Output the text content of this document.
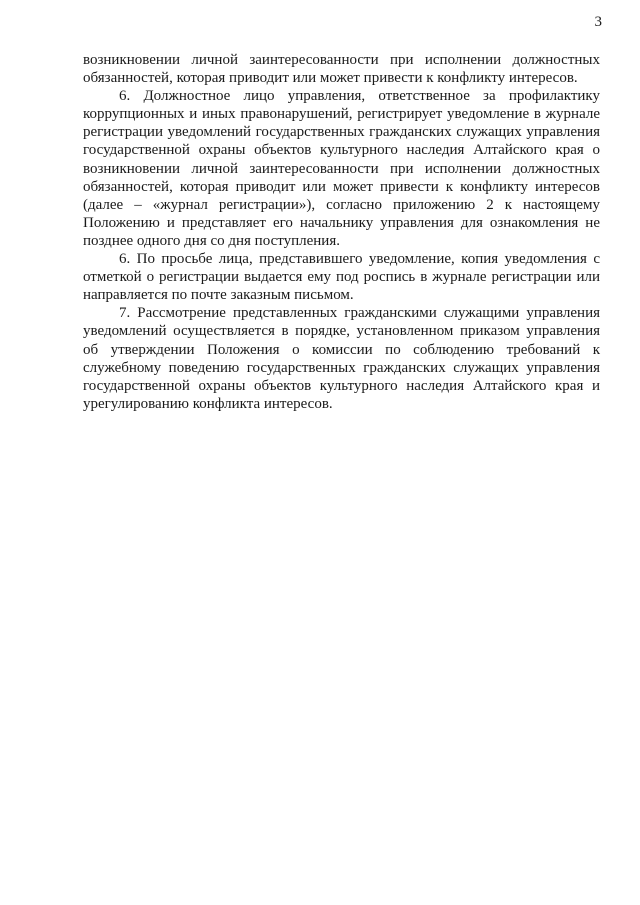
3

возникновении личной заинтересованности при исполнении должностных обязанностей, которая приводит или может привести к конфликту интересов.

6. Должностное лицо управления, ответственное за профилактику коррупционных и иных правонарушений, регистрирует уведомление в журнале регистрации уведомлений государственных гражданских служащих управления государственной охраны объектов культурного наследия Алтайского края о возникновении личной заинтересованности при исполнении должностных обязанностей, которая приводит или может привести к конфликту интересов (далее – «журнал регистрации»), согласно приложению 2 к настоящему Положению и представляет его начальнику управления для ознакомления не позднее одного дня со дня поступления.

6. По просьбе лица, представившего уведомление, копия уведомления с отметкой о регистрации выдается ему под роспись в журнале регистрации или направляется по почте заказным письмом.

7. Рассмотрение представленных гражданскими служащими управления уведомлений осуществляется в порядке, установленном приказом управления об утверждении Положения о комиссии по соблюдению требований к служебному поведению государственных гражданских служащих управления государственной охраны объектов культурного наследия Алтайского края и урегулированию конфликта интересов.
